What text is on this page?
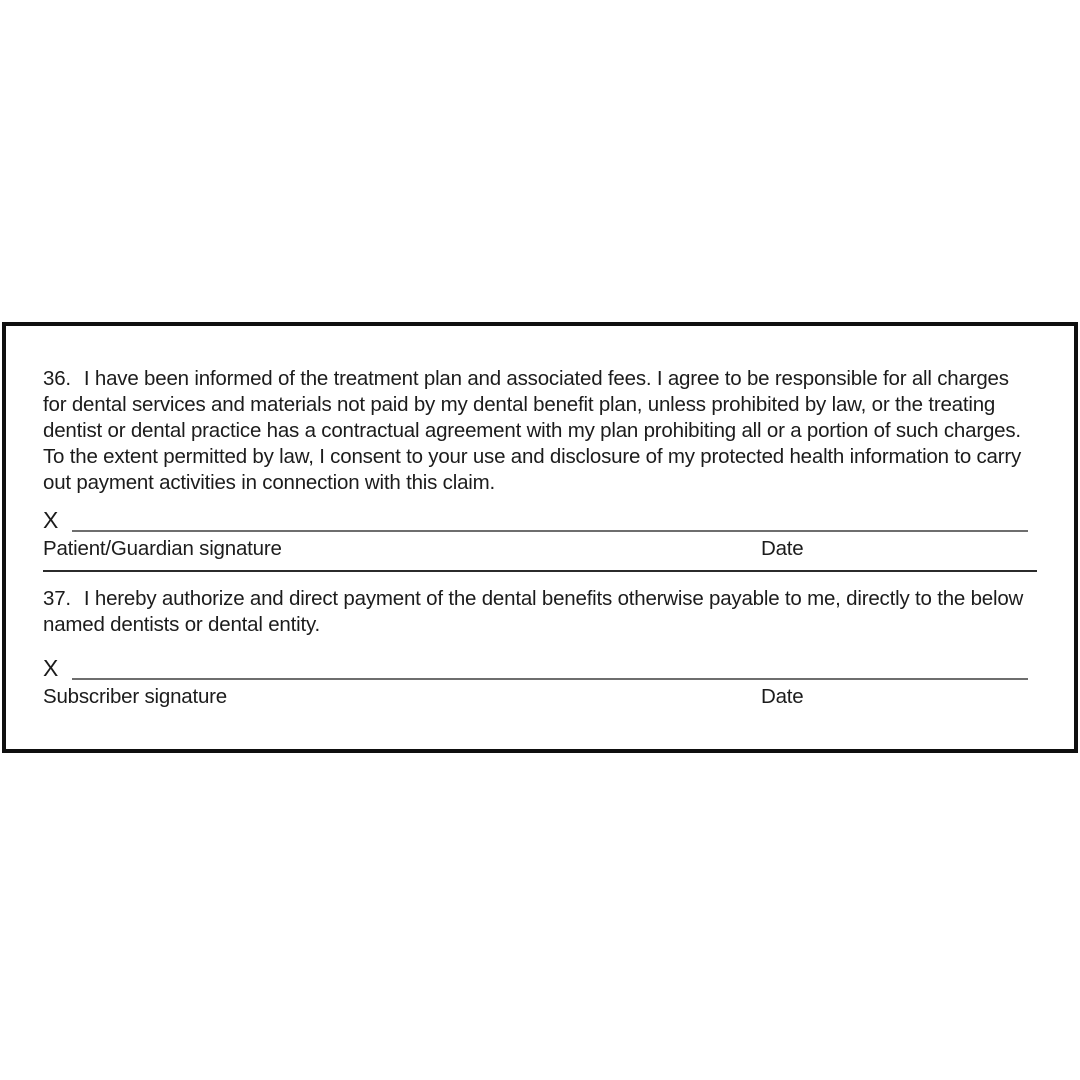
36. I have been informed of the treatment plan and associated fees. I agree to be responsible for all charges for dental services and materials not paid by my dental benefit plan, unless prohibited by law, or the treating dentist or dental practice has a contractual agreement with my plan prohibiting all or a portion of such charges. To the extent permitted by law, I consent to your use and disclosure of my protected health information to carry out payment activities in connection with this claim.

X
Patient/Guardian signature	Date

37. I hereby authorize and direct payment of the dental benefits otherwise payable to me, directly to the below named dentists or dental entity.

X
Subscriber signature	Date
